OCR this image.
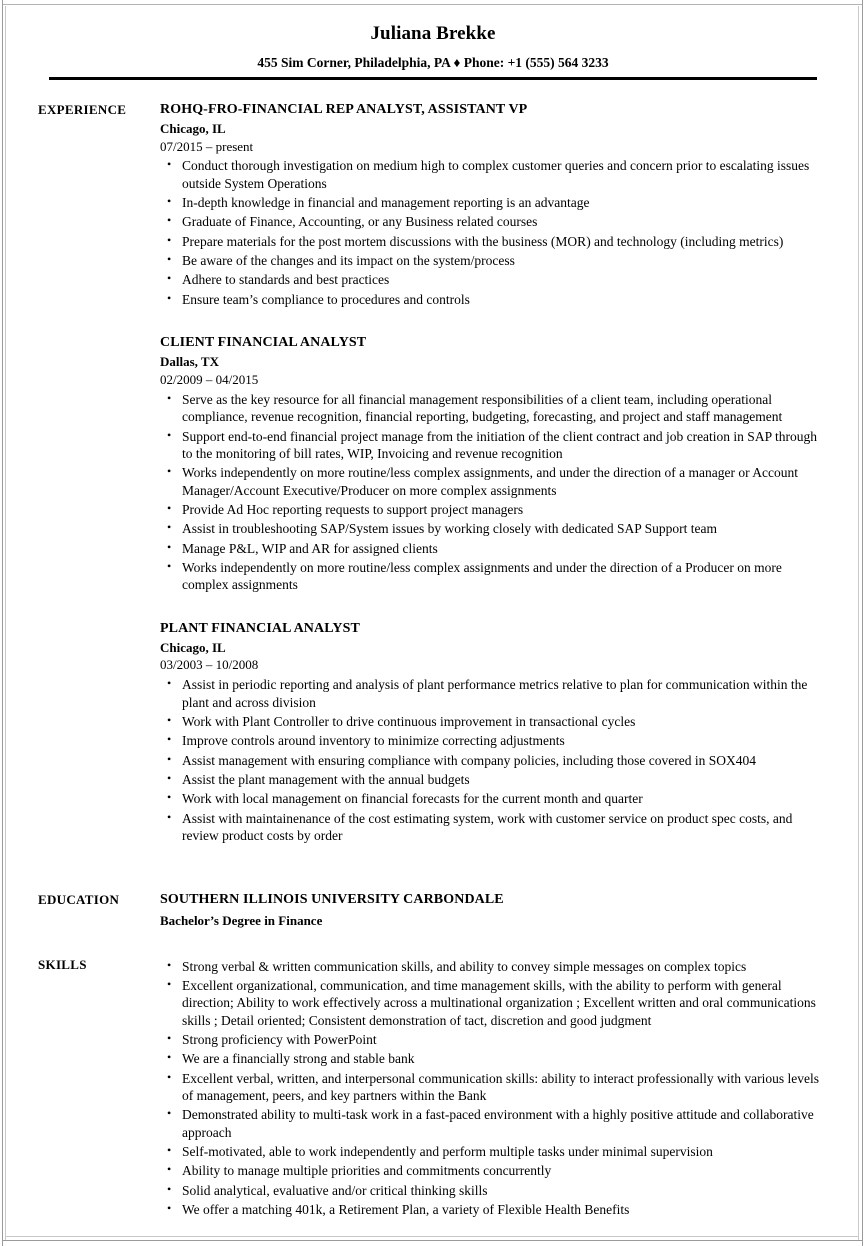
Juliana Brekke
455 Sim Corner, Philadelphia, PA ♦ Phone: +1 (555) 564 3233
EXPERIENCE	ROHQ-FRO-FINANCIAL REP ANALYST, ASSISTANT VP
Chicago, IL
07/2015 – present
• Conduct thorough investigation on medium high to complex customer queries and concern prior to escalating issues outside System Operations
• In-depth knowledge in financial and management reporting is an advantage
• Graduate of Finance, Accounting, or any Business related courses
• Prepare materials for the post mortem discussions with the business (MOR) and technology (including metrics)
• Be aware of the changes and its impact on the system/process
• Adhere to standards and best practices
• Ensure team’s compliance to procedures and controls
CLIENT FINANCIAL ANALYST
Dallas, TX
02/2009 – 04/2015
• Serve as the key resource for all financial management responsibilities of a client team, including operational compliance, revenue recognition, financial reporting, budgeting, forecasting, and project and staff management
• Support end-to-end financial project manage from the initiation of the client contract and job creation in SAP through to the monitoring of bill rates, WIP, Invoicing and revenue recognition
• Works independently on more routine/less complex assignments, and under the direction of a manager or Account Manager/Account Executive/Producer on more complex assignments
• Provide Ad Hoc reporting requests to support project managers
• Assist in troubleshooting SAP/System issues by working closely with dedicated SAP Support team
• Manage P&L, WIP and AR for assigned clients
• Works independently on more routine/less complex assignments and under the direction of a Producer on more complex assignments
PLANT FINANCIAL ANALYST
Chicago, IL
03/2003 – 10/2008
• Assist in periodic reporting and analysis of plant performance metrics relative to plan for communication within the plant and across division
• Work with Plant Controller to drive continuous improvement in transactional cycles
• Improve controls around inventory to minimize correcting adjustments
• Assist management with ensuring compliance with company policies, including those covered in SOX404
• Assist the plant management with the annual budgets
• Work with local management on financial forecasts for the current month and quarter
• Assist with maintainenance of the cost estimating system, work with customer service on product spec costs, and review product costs by order
EDUCATION	SOUTHERN ILLINOIS UNIVERSITY CARBONDALE
Bachelor’s Degree in Finance
SKILLS	• Strong verbal & written communication skills, and ability to convey simple messages on complex topics
• Excellent organizational, communication, and time management skills, with the ability to perform with general direction; Ability to work effectively across a multinational organization ; Excellent written and oral communications skills ; Detail oriented; Consistent demonstration of tact, discretion and good judgment
• Strong proficiency with PowerPoint
• We are a financially strong and stable bank
• Excellent verbal, written, and interpersonal communication skills: ability to interact professionally with various levels of management, peers, and key partners within the Bank
• Demonstrated ability to multi-task work in a fast-paced environment with a highly positive attitude and collaborative approach
• Self-motivated, able to work independently and perform multiple tasks under minimal supervision
• Ability to manage multiple priorities and commitments concurrently
• Solid analytical, evaluative and/or critical thinking skills
• We offer a matching 401k, a Retirement Plan, a variety of Flexible Health Benefits
